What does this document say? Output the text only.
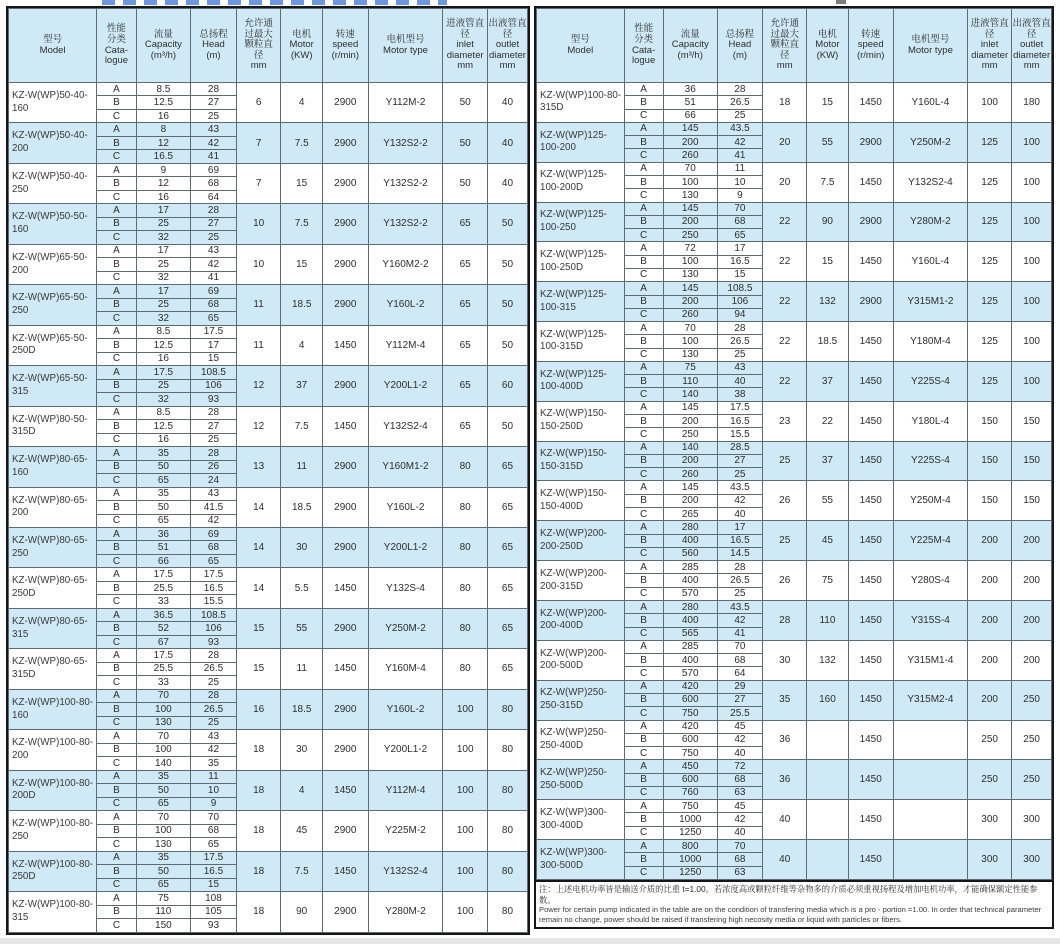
型号
Model

性能
分类
Cata-
logue

流量
Capacity
(m³/h)

总扬程
Head
(m)

允许通
过最大
颗粒直
径
mm

电机
Motor
(KW)

转速
speed
(r/min)

电机型号
Motor type

进液管直
径
inlet
diameter
mm

出液管直
径
outlet
diameter
mm

KZ-W(WP)50-40-160	A	8.5	28	6	4	2900	Y112M-2	50	40
	B	12.5	27						
	C	16	25						
KZ-W(WP)50-40-200	A	8	43	7	7.5	2900	Y132S2-2	50	40
	B	12	42						
	C	16.5	41						
KZ-W(WP)50-40-250	A	9	69	7	15	2900	Y132S2-2	50	40
	B	12	68						
	C	16	64						
KZ-W(WP)50-50-160	A	17	28	10	7.5	2900	Y132S2-2	65	50
	B	25	27						
	C	32	25						
KZ-W(WP)65-50-200	A	17	43	10	15	2900	Y160M2-2	65	50
	B	25	42						
	C	32	41						
KZ-W(WP)65-50-250	A	17	69	11	18.5	2900	Y160L-2	65	50
	B	25	68						
	C	32	65						
KZ-W(WP)65-50-250D	A	8.5	17.5	11	4	1450	Y112M-4	65	50
	B	12.5	17						
	C	16	15						
KZ-W(WP)65-50-315	A	17.5	108.5	12	37	2900	Y200L1-2	65	60
	B	25	106						
	C	32	93						
KZ-W(WP)80-50-315D	A	8.5	28	12	7.5	1450	Y132S2-4	65	50
	B	12.5	27						
	C	16	25						
KZ-W(WP)80-65-160	A	35	28	13	11	2900	Y160M1-2	80	65
	B	50	26						
	C	65	24						
KZ-W(WP)80-65-200	A	35	43	14	18.5	2900	Y160L-2	80	65
	B	50	41.5						
	C	65	42						
KZ-W(WP)80-65-250	A	36	69	14	30	2900	Y200L1-2	80	65
	B	51	68						
	C	66	65						
KZ-W(WP)80-65-250D	A	17.5	17.5	14	5.5	1450	Y132S-4	80	65
	B	25.5	16.5						
	C	33	15.5						
KZ-W(WP)80-65-315	A	36.5	108.5	15	55	2900	Y250M-2	80	65
	B	52	106						
	C	67	93						
KZ-W(WP)80-65-315D	A	17.5	28	15	11	1450	Y160M-4	80	65
	B	25.5	26.5						
	C	33	25						
KZ-W(WP)100-80-160	A	70	28	16	18.5	2900	Y160L-2	100	80
	B	100	26.5						
	C	130	25						
KZ-W(WP)100-80-200	A	70	43	18	30	2900	Y200L1-2	100	80
	B	100	42						
	C	140	35						
KZ-W(WP)100-80-200D	A	35	11	18	4	1450	Y112M-4	100	80
	B	50	10						
	C	65	9						
KZ-W(WP)100-80-250	A	70	70	18	45	2900	Y225M-2	100	80
	B	100	68						
	C	130	65						
KZ-W(WP)100-80-250D	A	35	17.5	18	7.5	1450	Y132S2-4	100	80
	B	50	16.5						
	C	65	15						
KZ-W(WP)100-80-315	A	75	108	18	90	2900	Y280M-2	100	80
	B	110	105						
	C	150	93						
型号
Model

性能
分类
Cata-
logue

流量
Capacity
(m³/h)

总扬程
Head
(m)

允许通
过最大
颗粒直
径
mm

电机
Motor
(KW)

转速
speed
(r/min)

电机型号
Motor type

进液管直
径
inlet
diameter
mm

出液管直
径
outlet
diameter
mm

KZ-W(WP)100-80-315D	A	36	28	18	15	1450	Y160L-4	100	180
	B	51	26.5						
	C	66	25						
KZ-W(WP)125-100-200	A	145	43.5	20	55	2900	Y250M-2	125	100
	B	200	42						
	C	260	41						
KZ-W(WP)125-100-200D	A	70	11	20	7.5	1450	Y132S2-4	125	100
	B	100	10						
	C	130	9						
KZ-W(WP)125-100-250	A	145	70	22	90	2900	Y280M-2	125	100
	B	200	68						
	C	250	65						
KZ-W(WP)125-100-250D	A	72	17	22	15	1450	Y160L-4	125	100
	B	100	16.5						
	C	130	15						
KZ-W(WP)125-100-315	A	145	108.5	22	132	2900	Y315M1-2	125	100
	B	200	106						
	C	260	94						
KZ-W(WP)125-100-315D	A	70	28	22	18.5	1450	Y180M-4	125	100
	B	100	26.5						
	C	130	25						
KZ-W(WP)125-100-400D	A	75	43	22	37	1450	Y225S-4	125	100
	B	110	40						
	C	140	38						
KZ-W(WP)150-150-250D	A	145	17.5	23	22	1450	Y180L-4	150	150
	B	200	16.5						
	C	250	15.5						
KZ-W(WP)150-150-315D	A	140	28.5	25	37	1450	Y225S-4	150	150
	B	200	27						
	C	260	25						
KZ-W(WP)150-150-400D	A	145	43.5	26	55	1450	Y250M-4	150	150
	B	200	42						
	C	265	40						
KZ-W(WP)200-200-250D	A	280	17	25	45	1450	Y225M-4	200	200
	B	400	16.5						
	C	560	14.5						
KZ-W(WP)200-200-315D	A	285	28	26	75	1450	Y280S-4	200	200
	B	400	26.5						
	C	570	25						
KZ-W(WP)200-200-400D	A	280	43.5	28	110	1450	Y315S-4	200	200
	B	400	42						
	C	565	41						
KZ-W(WP)200-200-500D	A	285	70	30	132	1450	Y315M1-4	200	200
	B	400	68						
	C	570	64						
KZ-W(WP)250-250-315D	A	420	29	35	160	1450	Y315M2-4	200	250
	B	600	27						
	C	750	25.5						
KZ-W(WP)250-250-400D	A	420	45	36		1450		250	250
	B	600	42						
	C	750	40						
KZ-W(WP)250-250-500D	A	450	72	36		1450		250	250
	B	600	68						
	C	760	63						
KZ-W(WP)300-300-400D	A	750	45	40		1450		300	300
	B	1000	42						
	C	1250	40						
KZ-W(WP)300-300-500D	A	800	70	40		1450		300	300
	B	1000	68						
	C	1250	63						

注：上述电机功率皆是输送介质的比重 t=1.00。若浓度高或颗粒纤维等杂物多的介质必须重视扬程及增加电机功率，才能确保额定性能参数。

Power for certain pump indicated in the table are on the condition of transfering media which is a pro - portion =1.00. In order that technical parameter remain no change, power should be raised if transfering high necosity media or liquid with particles or fibers.
